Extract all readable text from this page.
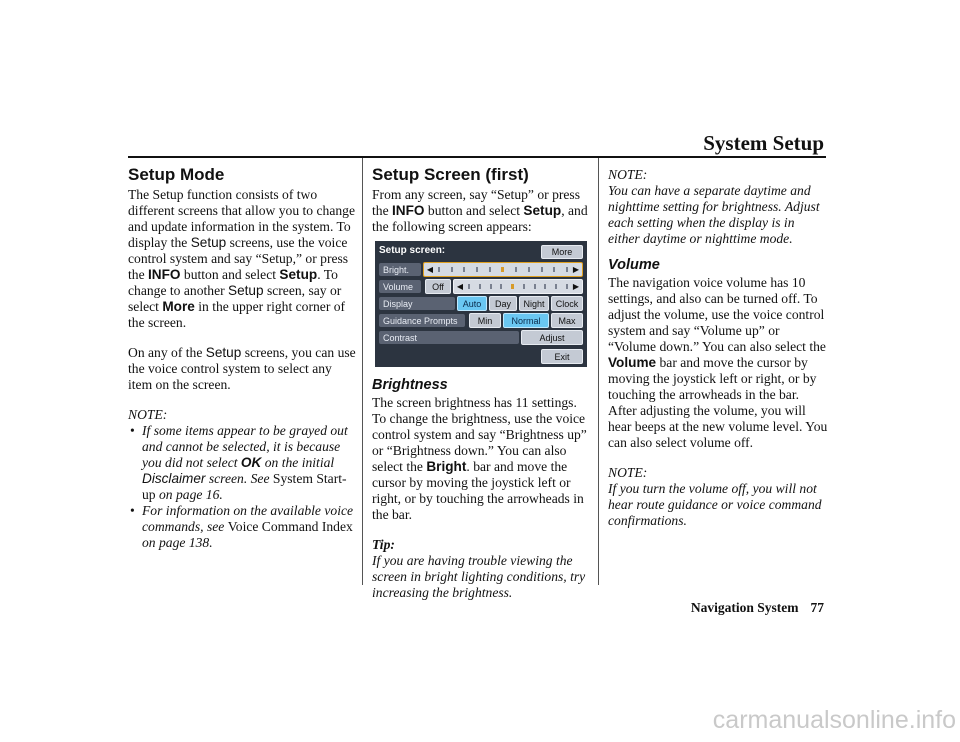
System Setup
Setup Mode

The Setup function consists of two different screens that allow you to change and update information in the system. To display the Setup screens, use the voice control system and say “Setup,” or press the INFO button and select Setup. To change to another Setup screen, say or select More in the upper right corner of the screen.

On any of the Setup screens, you can use the voice control system to select any item on the screen.

NOTE:

• If some items appear to be grayed out and cannot be selected, it is because you did not select OK on the initial Disclaimer screen. See System Start-up on page 16.
• For information on the available voice commands, see Voice Command Index on page 138.
Setup Screen (first)

From any screen, say “Setup” or press the INFO button and select Setup, and the following screen appears:

Setup screen:	More
Bright.	◀	▶
Volume	Off	◀	▶
Display	Auto	Day	Night	Clock
Guidance Prompts	Min	Normal	Max
Contrast	Adjust
Exit
Brightness

The screen brightness has 11 settings. To change the brightness, use the voice control system and say “Brightness up” or “Brightness down.” You can also select the Bright. bar and move the cursor by moving the joystick left or right, or by touching the arrowheads in the bar.

Tip:

If you are having trouble viewing the screen in bright lighting conditions, try increasing the brightness.

NOTE:

You can have a separate daytime and nighttime setting for brightness. Adjust each setting when the display is in either daytime or nighttime mode.

Volume

The navigation voice volume has 10 settings, and also can be turned off. To adjust the volume, use the voice control system and say “Volume up” or “Volume down.” You can also select the Volume bar and move the cursor by moving the joystick left or right, or by touching the arrowheads in the bar. After adjusting the volume, you will hear beeps at the new volume level. You can also select volume off.

NOTE:

If you turn the volume off, you will not hear route guidance or voice command confirmations.

Navigation System 77
carmanualsonline.info
